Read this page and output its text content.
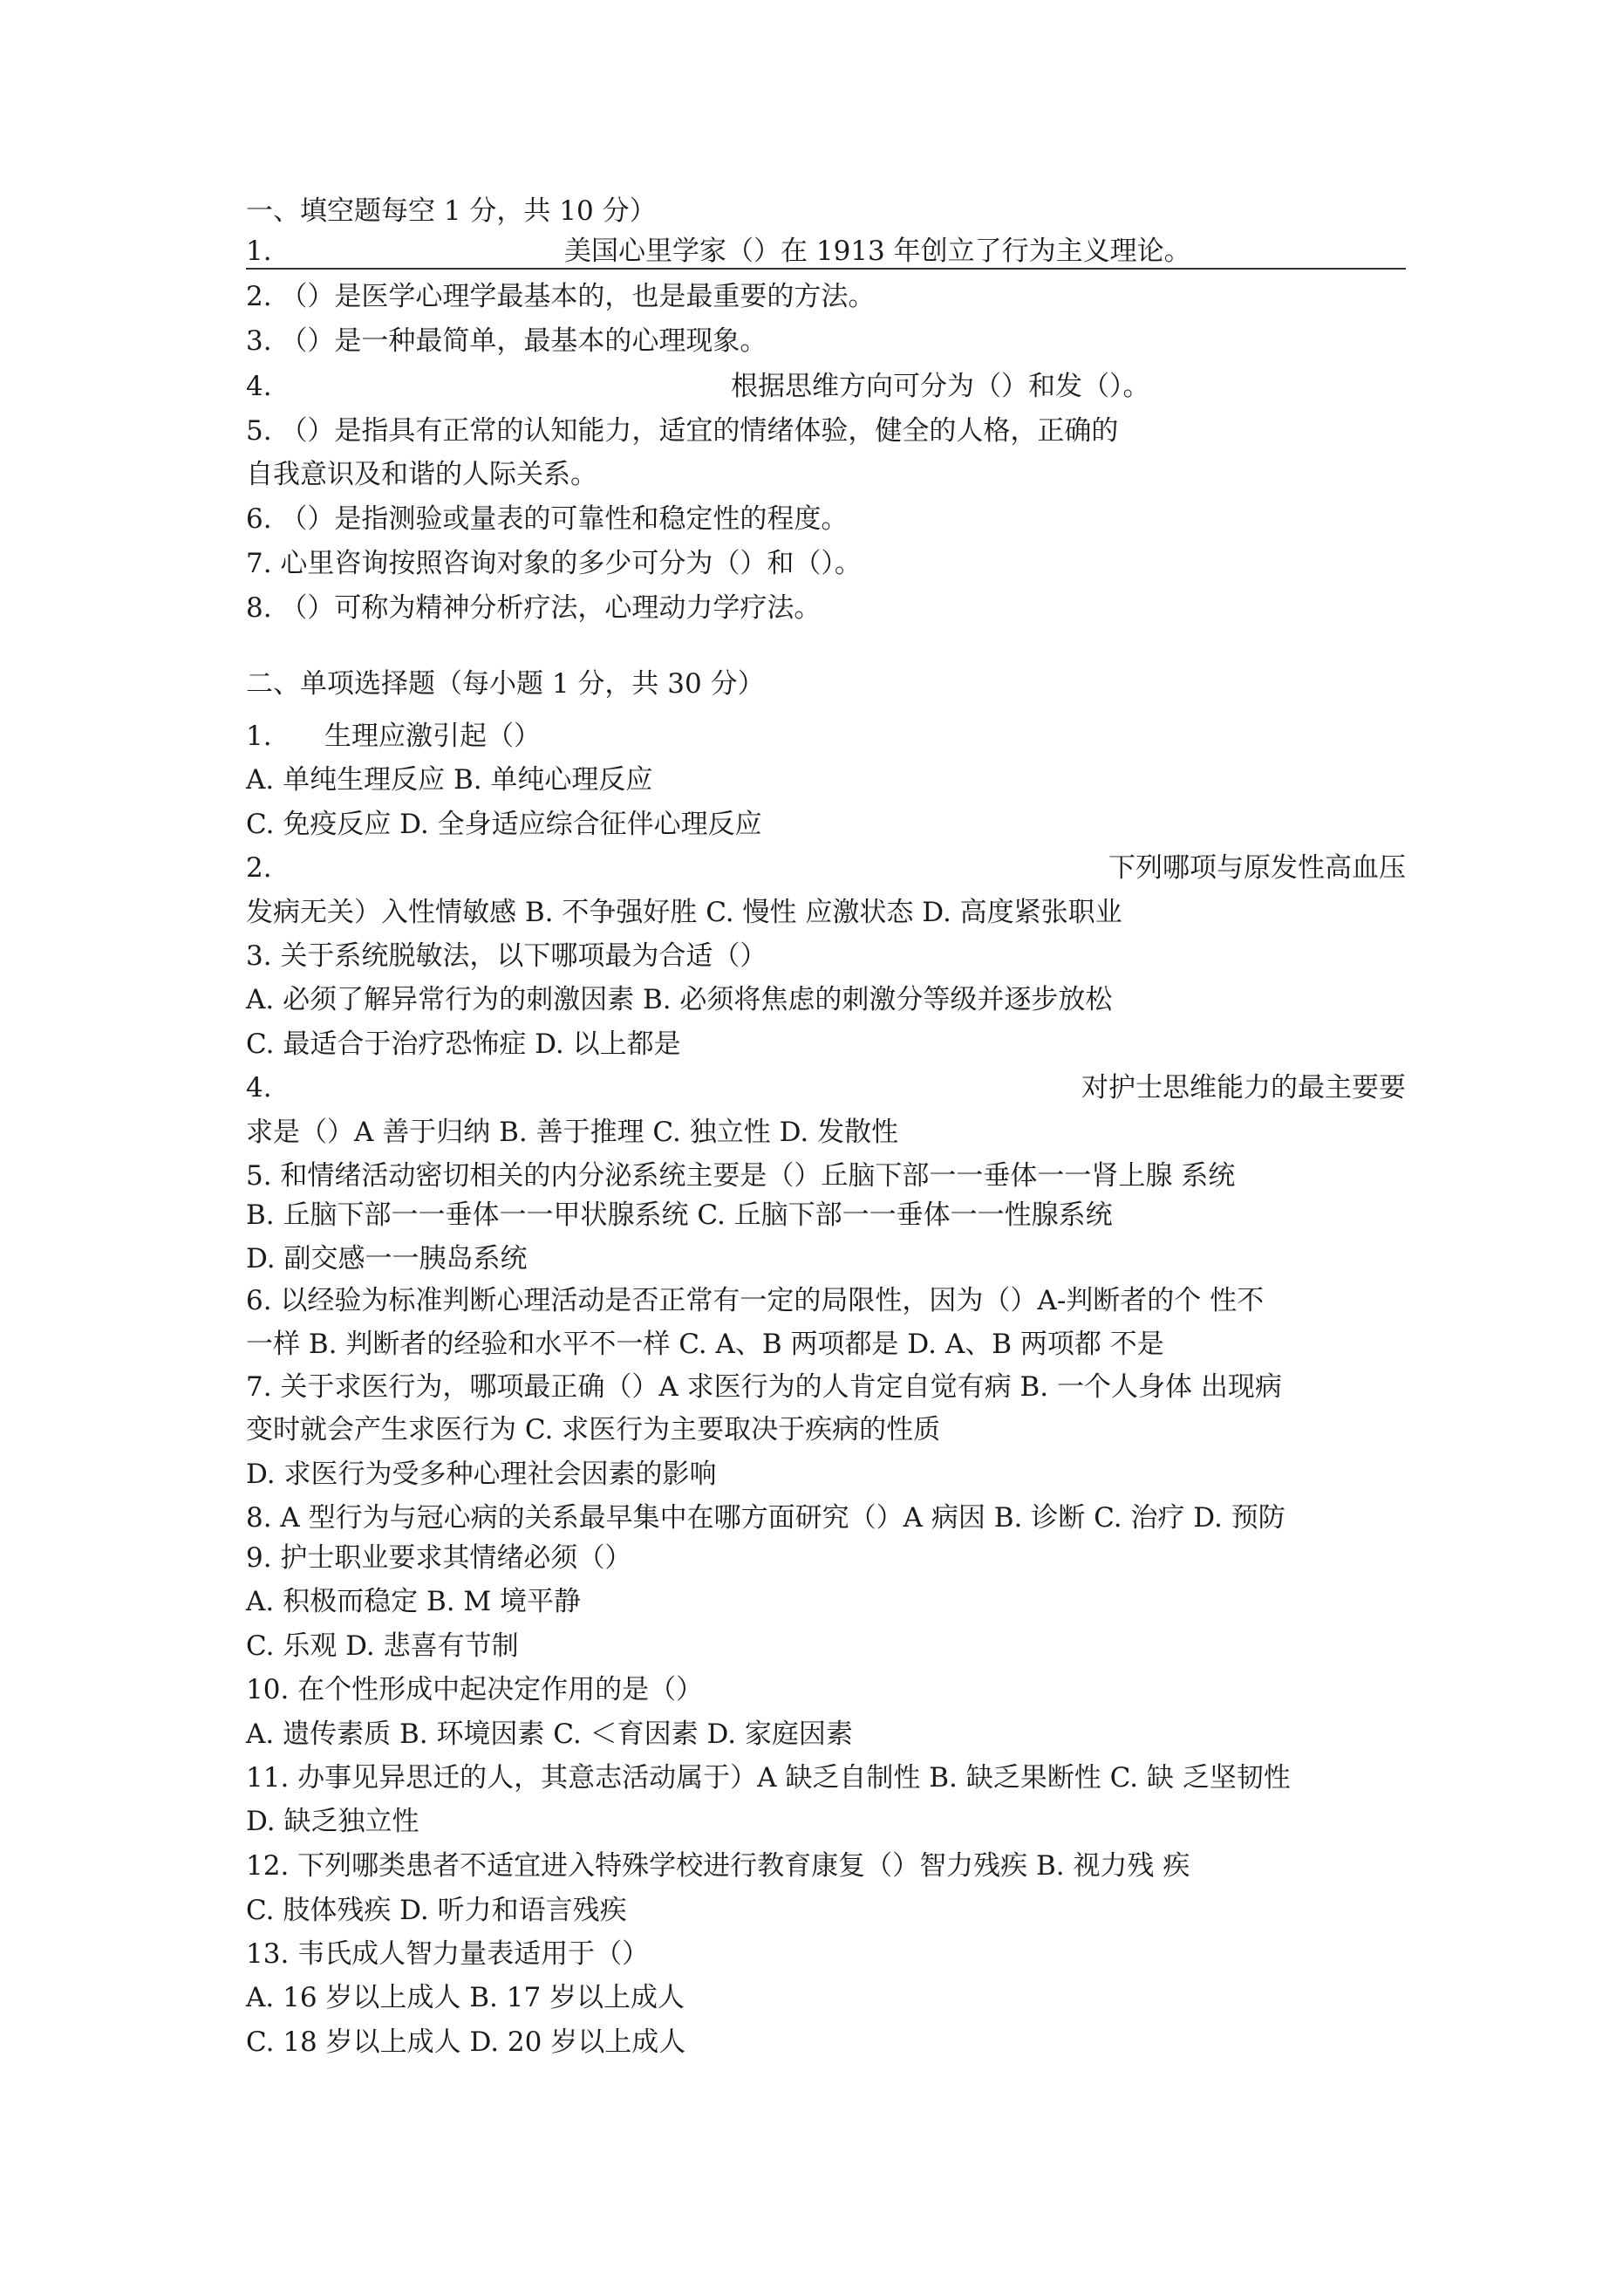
一、填空题每空 1 分，共 10 分）
1.	美国心里学家（）在 1913 年创立了行为主义理论。
2. （）是医学心理学最基本的，也是最重要的方法。
3. （）是一种最简单，最基本的心理现象。
4.	根据思维方向可分为（）和发（）。
5. （）是指具有正常的认知能力，适宜的情绪体验，健全的人格，正确的
自我意识及和谐的人际关系。
6. （）是指测验或量表的可靠性和稳定性的程度。
7. 心里咨询按照咨询对象的多少可分为（）和（）。
8. （）可称为精神分析疗法，心理动力学疗法。
二、单项选择题（每小题 1 分，共 30 分）
1. 生理应激引起（）
A. 单纯生理反应 B. 单纯心理反应
C. 免疫反应 D. 全身适应综合征伴心理反应
2.	下列哪项与原发性高血压
发病无关）入性情敏感 B. 不争强好胜 C. 慢性 应激状态 D. 高度紧张职业
3. 关于系统脱敏法，以下哪项最为合适（）
A. 必须了解异常行为的刺激因素 B. 必须将焦虑的刺激分等级并逐步放松
C. 最适合于治疗恐怖症 D. 以上都是
4.	对护士思维能力的最主要要
求是（）A 善于归纳 B. 善于推理 C. 独立性 D. 发散性
5. 和情绪活动密切相关的内分泌系统主要是（）丘脑下部一一垂体一一肾上腺 系统
B. 丘脑下部一一垂体一一甲状腺系统 C. 丘脑下部一一垂体一一性腺系统
D. 副交感一一胰岛系统
6. 以经验为标准判断心理活动是否正常有一定的局限性，因为（）A-判断者的个 性不
一样 B. 判断者的经验和水平不一样 C. A、B 两项都是 D. A、B 两项都 不是
7. 关于求医行为，哪项最正确（）A 求医行为的人肯定自觉有病 B. 一个人身体 出现病
变时就会产生求医行为 C. 求医行为主要取决于疾病的性质
D. 求医行为受多种心理社会因素的影响
8. A 型行为与冠心病的关系最早集中在哪方面研究（）A 病因 B. 诊断 C. 治疗 D. 预防
9. 护士职业要求其情绪必须（）
A. 积极而稳定 B. M 境平静
C. 乐观 D. 悲喜有节制
10. 在个性形成中起决定作用的是（）
A. 遗传素质 B. 环境因素 C. ＜育因素 D. 家庭因素
11. 办事见异思迁的人，其意志活动属于）A 缺乏自制性 B. 缺乏果断性 C. 缺 乏坚韧性
D. 缺乏独立性
12. 下列哪类患者不适宜进入特殊学校进行教育康复（）智力残疾 B. 视力残 疾
C. 肢体残疾 D. 听力和语言残疾
13. 韦氏成人智力量表适用于（）
A. 16 岁以上成人 B. 17 岁以上成人
C. 18 岁以上成人 D. 20 岁以上成人
